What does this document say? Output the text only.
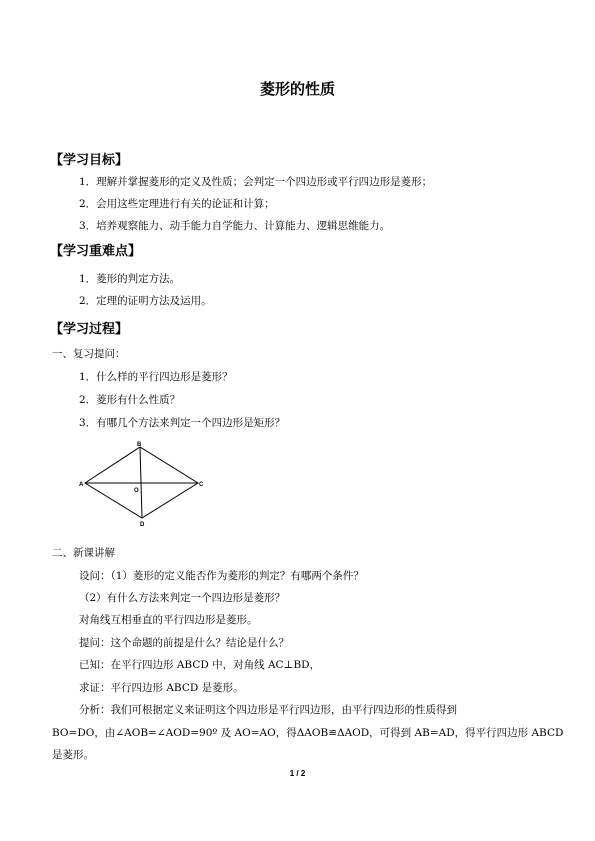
菱形的性质
【学习目标】
1．理解并掌握菱形的定义及性质；会判定一个四边形或平行四边形是菱形；
2．会用这些定理进行有关的论证和计算；
3．培养观察能力、动手能力自学能力、计算能力、逻辑思维能力。
【学习重难点】
1．菱形的判定方法。
2．定理的证明方法及运用。
【学习过程】
一、复习提问：
1．什么样的平行四边形是菱形？
2．菱形有什么性质？
3．有哪几个方法来判定一个四边形是矩形？
B
A	C
D
O
二、新课讲解
设问：（1）菱形的定义能否作为菱形的判定？有哪两个条件？
（2）有什么方法来判定一个四边形是菱形？
对角线互相垂直的平行四边形是菱形。
提问：这个命题的前提是什么？结论是什么？
已知：在平行四边形 ABCD 中，对角线 AC⊥BD，
求证：平行四边形 ABCD 是菱形。
分析：我们可根据定义来证明这个四边形是平行四边形，由平行四边形的性质得到
BO=DO，由∠AOB=∠AOD=90º 及 AO=AO，得ΔAOB≌ΔAOD，可得到 AB=AD，得平行四边形 ABCD
是菱形。
1 / 2
